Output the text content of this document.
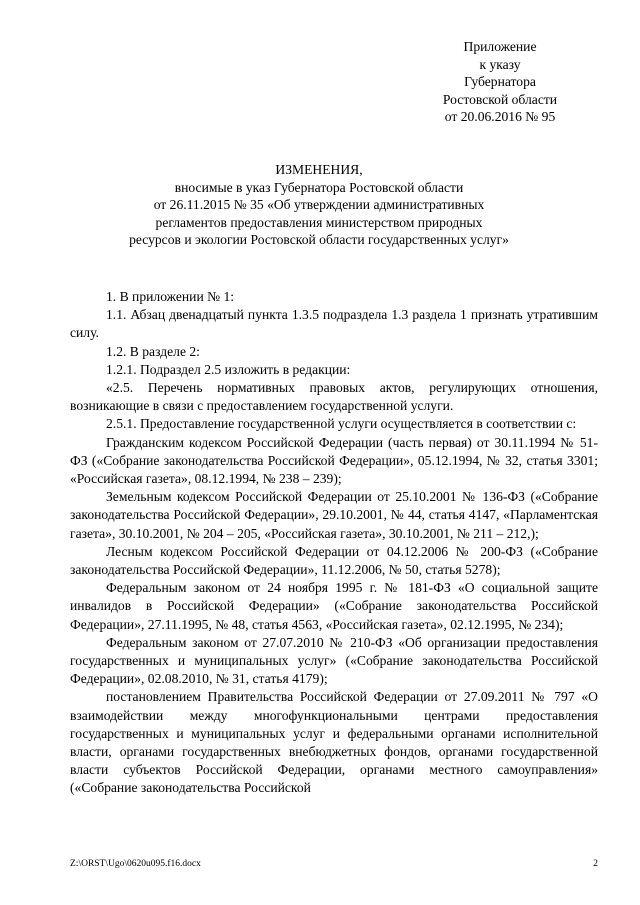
Приложение
к указу
Губернатора
Ростовской области
от 20.06.2016 № 95
ИЗМЕНЕНИЯ,
вносимые в указ Губернатора Ростовской области
от 26.11.2015 № 35 «Об утверждении административных
регламентов предоставления министерством природных
ресурсов и экологии Ростовской области государственных услуг»

1. В приложении № 1:

1.1. Абзац двенадцатый пункта 1.3.5 подраздела 1.3 раздела 1 признать утратившим силу.

1.2. В разделе 2:

1.2.1. Подраздел 2.5 изложить в редакции:

«2.5. Перечень нормативных правовых актов, регулирующих отношения, возникающие в связи с предоставлением государственной услуги.

2.5.1. Предоставление государственной услуги осуществляется в соответствии с:

Гражданским кодексом Российской Федерации (часть первая) от 30.11.1994 № 51-ФЗ («Собрание законодательства Российской Федерации», 05.12.1994, № 32, статья 3301; «Российская газета», 08.12.1994, № 238 – 239);

Земельным кодексом Российской Федерации от 25.10.2001 № 136-ФЗ («Собрание законодательства Российской Федерации», 29.10.2001, № 44, статья 4147, «Парламентская газета», 30.10.2001, № 204 – 205, «Российская газета», 30.10.2001, № 211 – 212,);

Лесным кодексом Российской Федерации от 04.12.2006 № 200-ФЗ («Собрание законодательства Российской Федерации», 11.12.2006, № 50, статья 5278);

Федеральным законом от 24 ноября 1995 г. № 181-ФЗ «О социальной защите инвалидов в Российской Федерации» («Собрание законодательства Российской Федерации», 27.11.1995, № 48, статья 4563, «Российская газета», 02.12.1995, № 234);

Федеральным законом от 27.07.2010 № 210-ФЗ «Об организации предоставления государственных и муниципальных услуг» («Собрание законодательства Российской Федерации», 02.08.2010, № 31, статья 4179);

постановлением Правительства Российской Федерации от 27.09.2011 № 797 «О взаимодействии между многофункциональными центрами предоставления государственных и муниципальных услуг и федеральными органами исполнительной власти, органами государственных внебюджетных фондов, органами государственной власти субъектов Российской Федерации, органами местного самоуправления» («Собрание законодательства Российской

Z:\ORST\Ugo\0620u095.f16.docx	2
